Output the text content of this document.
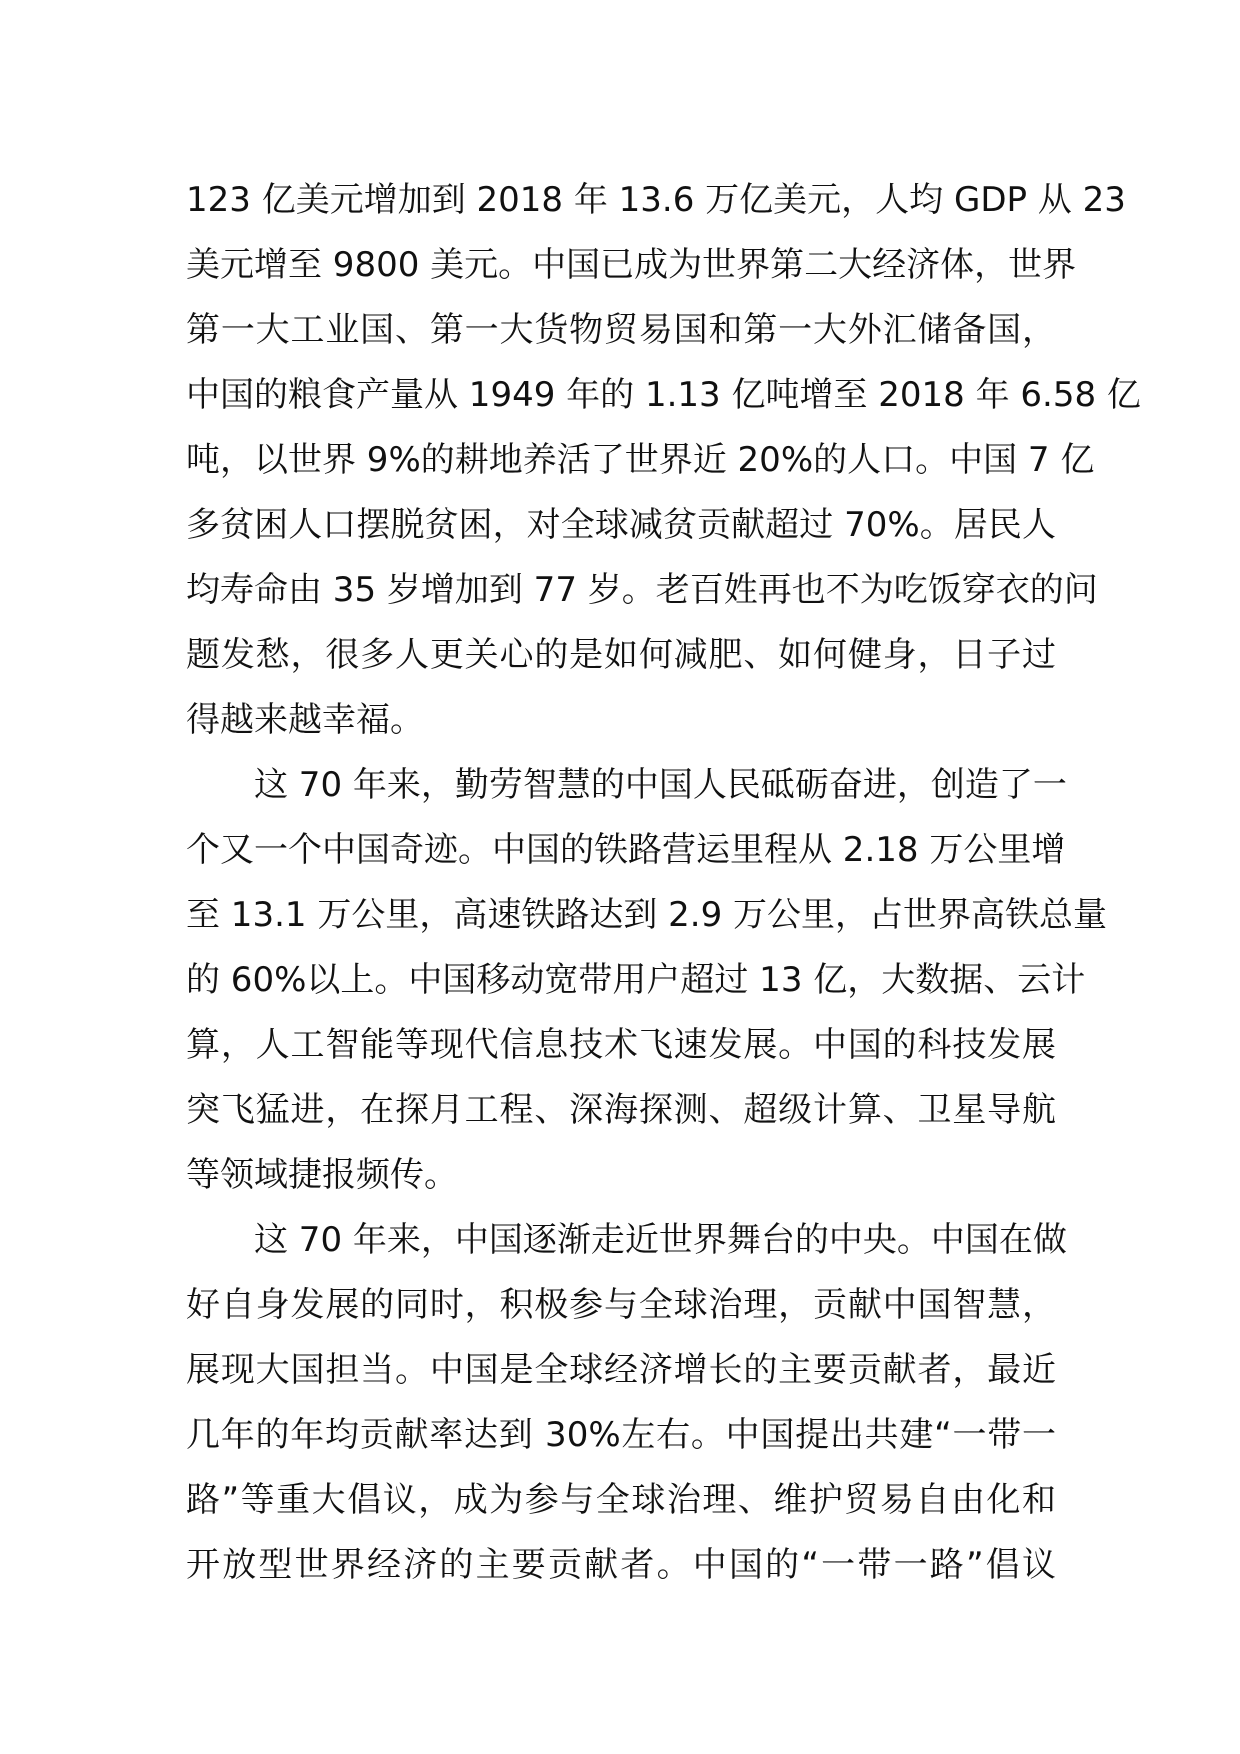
123 亿美元增加到 2018 年 13.6 万亿美元，人均 GDP 从 23
美元增至 9800 美元。中国已成为世界第二大经济体，世界
第一大工业国、第一大货物贸易国和第一大外汇储备国，
中国的粮食产量从 1949 年的 1.13 亿吨增至 2018 年 6.58 亿
吨，以世界 9%的耕地养活了世界近 20%的人口。中国 7 亿
多贫困人口摆脱贫困，对全球减贫贡献超过 70%。居民人
均寿命由 35 岁增加到 77 岁。老百姓再也不为吃饭穿衣的问
题发愁，很多人更关心的是如何减肥、如何健身，日子过
得越来越幸福。
这 70 年来，勤劳智慧的中国人民砥砺奋进，创造了一
个又一个中国奇迹。中国的铁路营运里程从 2.18 万公里增
至 13.1 万公里，高速铁路达到 2.9 万公里，占世界高铁总量
的 60%以上。中国移动宽带用户超过 13 亿，大数据、云计
算，人工智能等现代信息技术飞速发展。中国的科技发展
突飞猛进，在探月工程、深海探测、超级计算、卫星导航
等领域捷报频传。
这 70 年来，中国逐渐走近世界舞台的中央。中国在做
好自身发展的同时，积极参与全球治理，贡献中国智慧，
展现大国担当。中国是全球经济增长的主要贡献者，最近
几年的年均贡献率达到 30%左右。中国提出共建“一带一
路”等重大倡议，成为参与全球治理、维护贸易自由化和
开放型世界经济的主要贡献者。中国的“一带一路”倡议
